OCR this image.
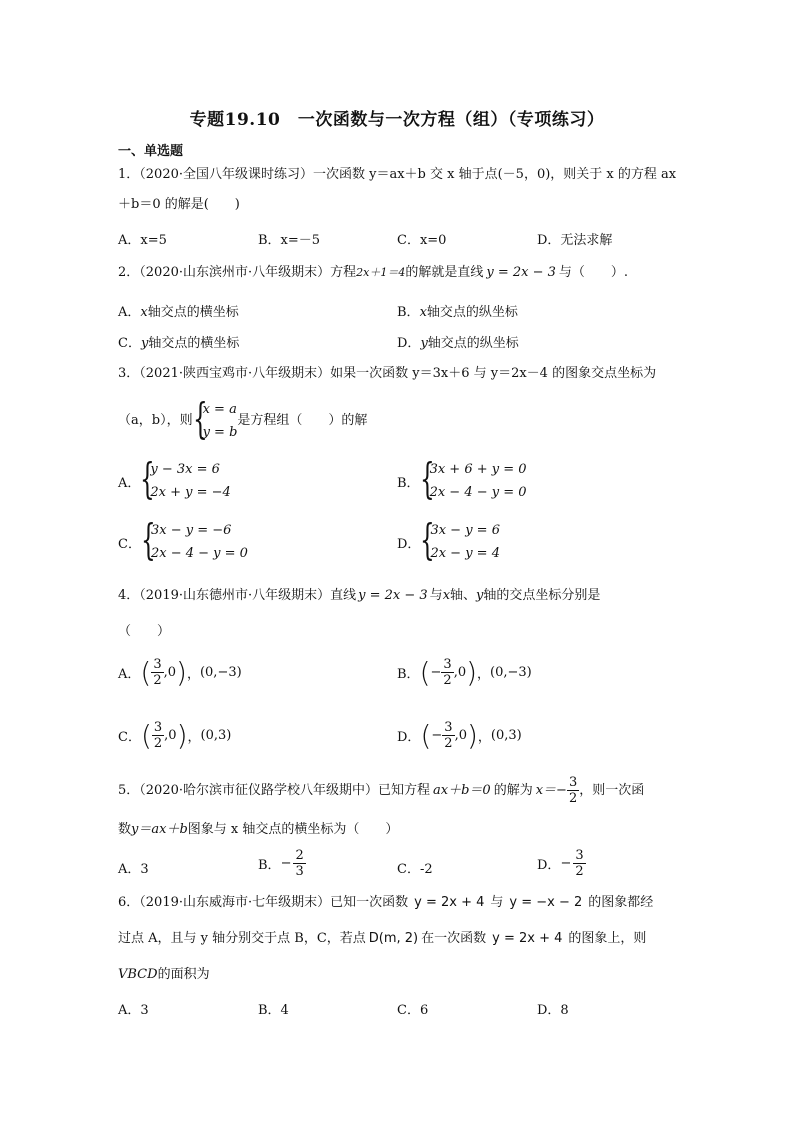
专题19.10　一次函数与一次方程（组）（专项练习）
一、单选题
1．（2020·全国八年级课时练习）一次函数 y＝ax＋b 交 x 轴于点(－5，0)，则关于 x 的方程 ax
＋b＝0 的解是(　　)
A．x=5	B．x=－5	C．x=0	D．无法求解
2．（2020·山东滨州市·八年级期末）方程2x＋1＝4的解就是直线 y = 2x − 3 与（　　）.
A．x轴交点的横坐标	B．x轴交点的纵坐标
C．y轴交点的横坐标	D．y轴交点的纵坐标
3．（2021·陕西宝鸡市·八年级期末）如果一次函数 y＝3x＋6 与 y＝2x－4 的图象交点坐标为
（a，b），则 {
x = a
y = b
是方程组（　　）的解
A． {
y − 3x = 6
2x + y = −4
B． {
3x + 6 + y = 0
2x − 4 − y = 0
C． {
3x − y = −6
2x − 4 − y = 0
D． {
3x − y = 6
2x − y = 4
4．（2019·山东德州市·八年级期末）直线 y = 2x − 3 与x轴、y轴的交点坐标分别是
（　　）
A． ( $\frac{3}{2} ,0$ ) ， (0,−3)	B． ( − $\frac{3}{2} ,0$ ) ， (0,−3)
C． ( $\frac{3}{2} ,0$ ) ， (0,3)	D． ( − $\frac{3}{2} ,0$ ) ， (0,3)
5．（2020·哈尔滨市征仪路学校八年级期中）已知方程 ax＋b＝0 的解为 $x=- \frac{3}{2}$ ，则一次函
数y＝ax＋b图象与 x 轴交点的横坐标为（　　）
A．3	B． − $\frac{2}{3}$	C．-2	D． − $\frac{3}{2}$
6．（2019·山东威海市·七年级期末）已知一次函数 y = 2x + 4 与 y = −x − 2 的图象都经
过点 A，且与 y 轴分别交于点 B，C，若点 D(m, 2) 在一次函数 y = 2x + 4 的图象上，则
VBCD的面积为
A．3	B．4	C．6	D．8
